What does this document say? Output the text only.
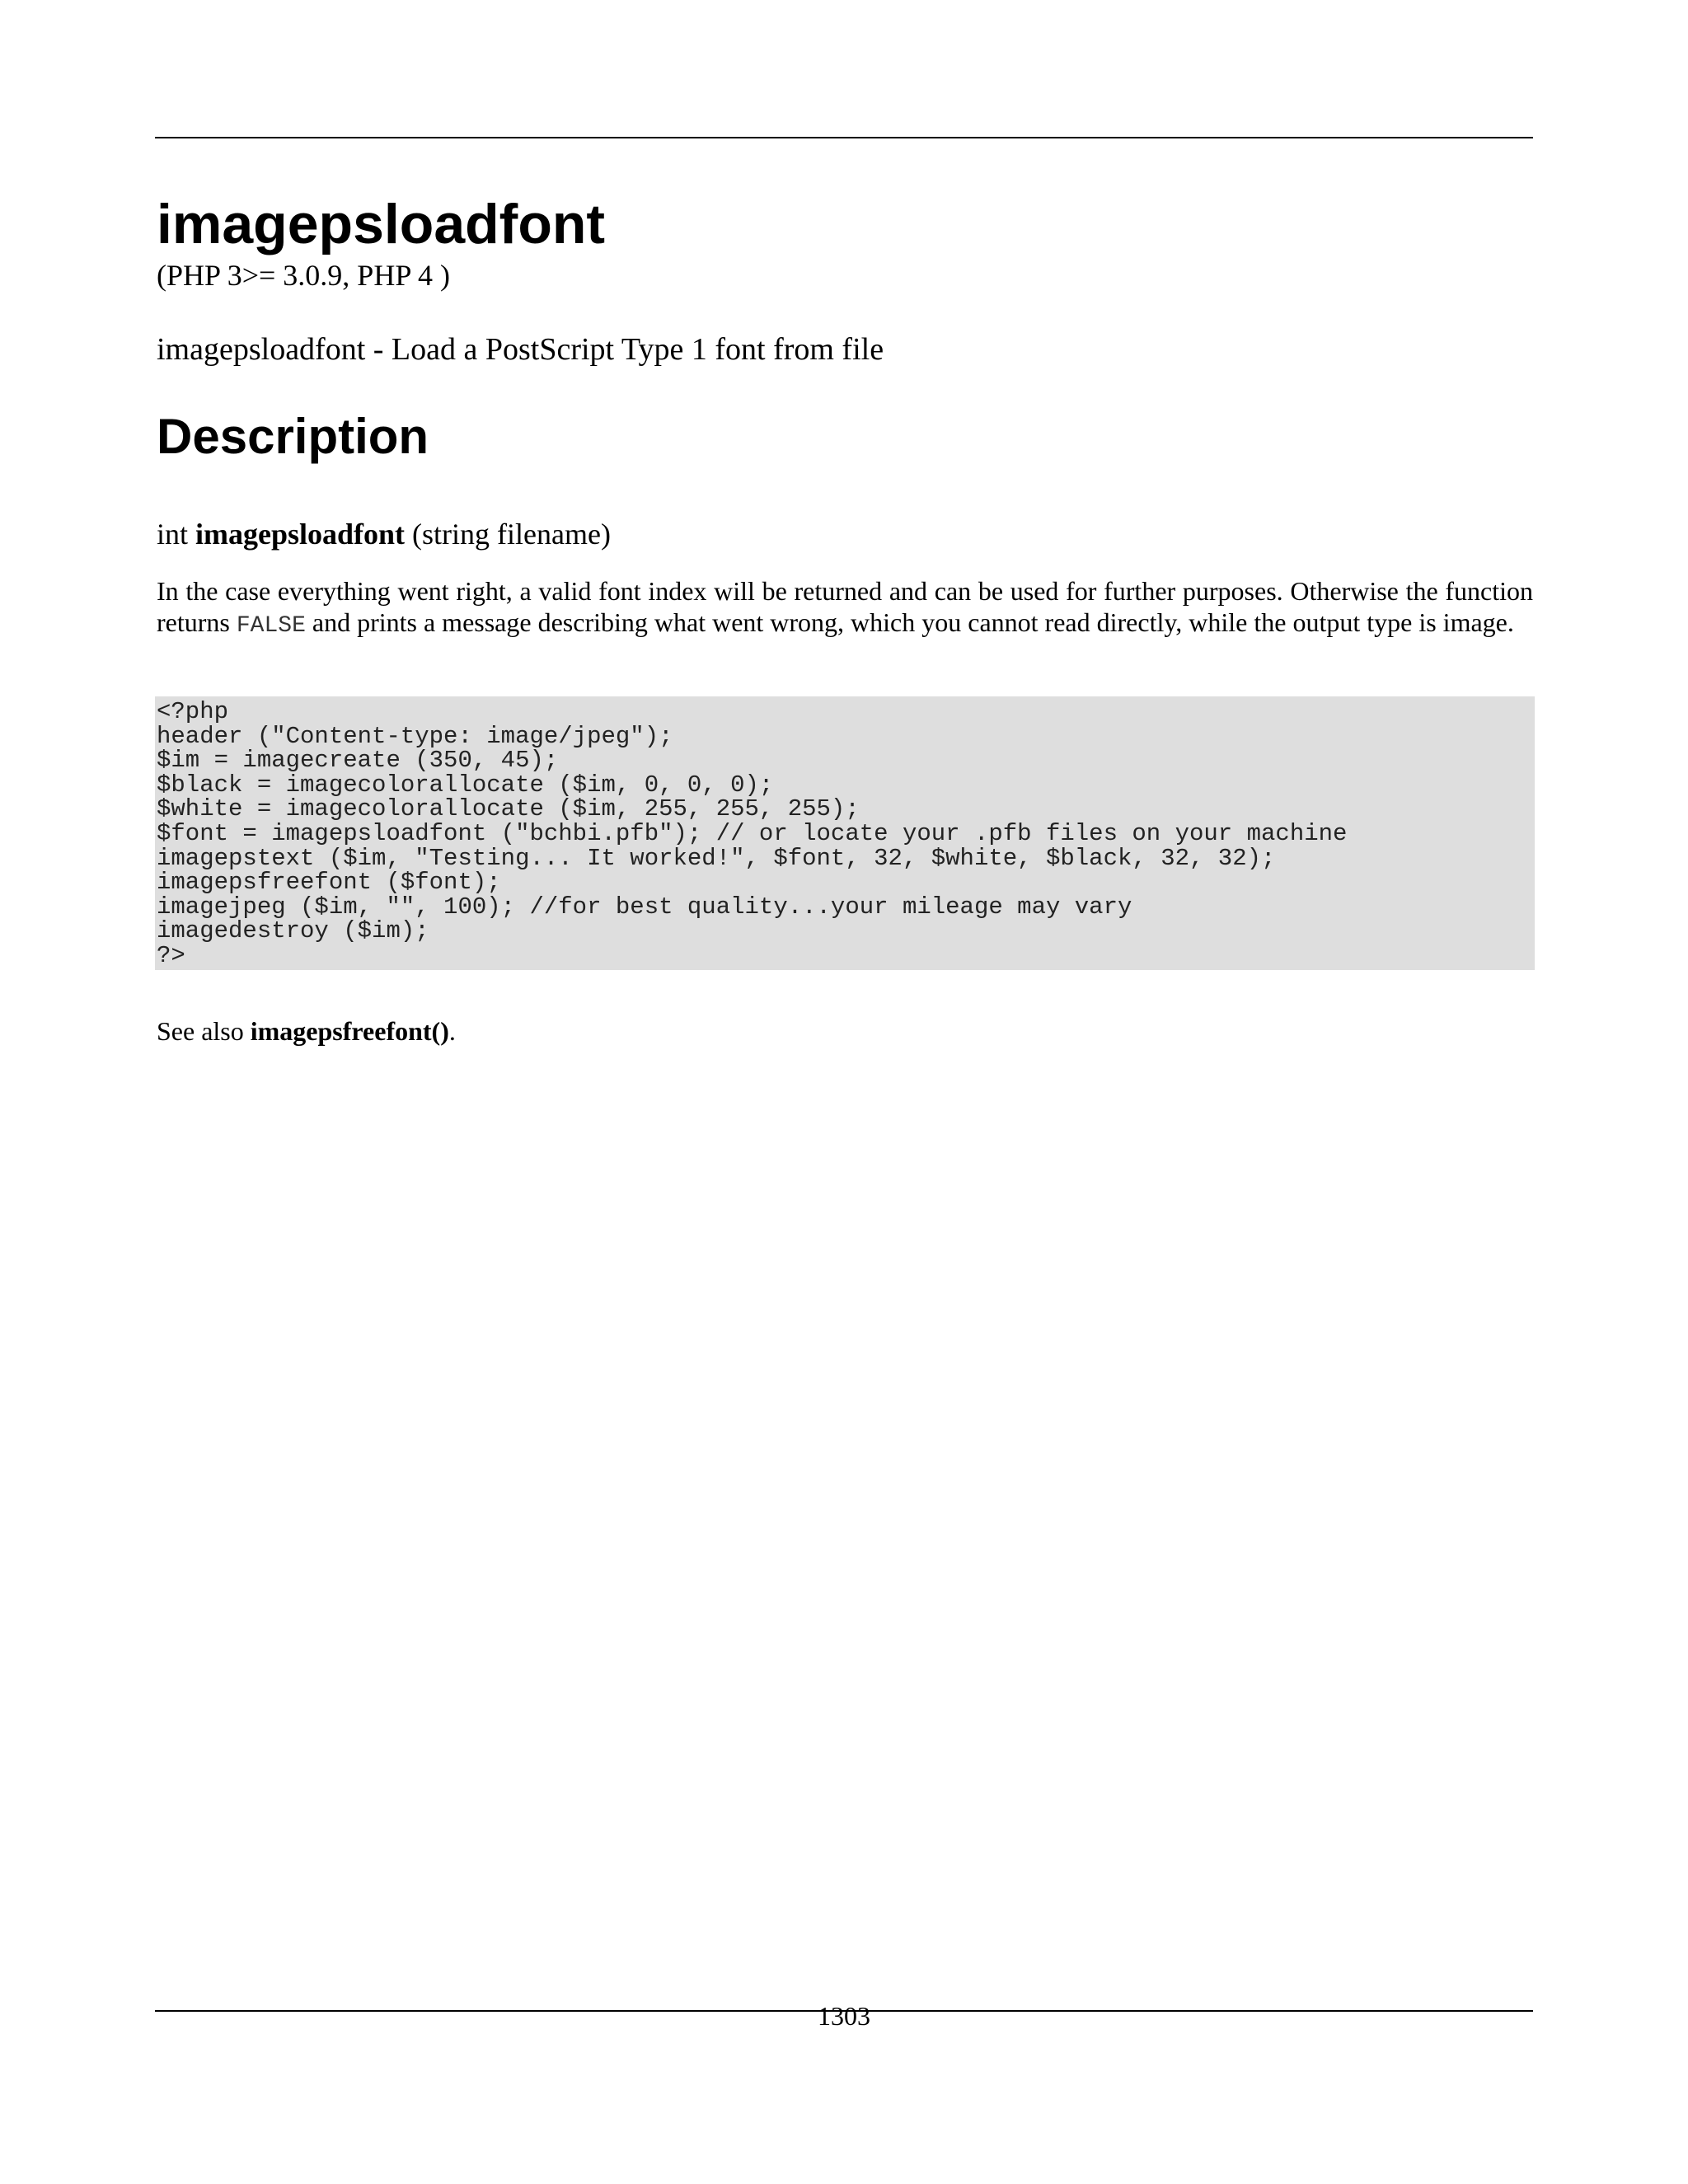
imagepsloadfont

(PHP 3>= 3.0.9, PHP 4 )

imagepsloadfont - Load a PostScript Type 1 font from file

Description

int imagepsloadfont (string filename)

In the case everything went right, a valid font index will be returned and can be used for further purposes. Otherwise the function returns FALSE and prints a message describing what went wrong, which you cannot read directly, while the output type is image.

<?php
header ("Content-type: image/jpeg");
$im = imagecreate (350, 45);
$black = imagecolorallocate ($im, 0, 0, 0);
$white = imagecolorallocate ($im, 255, 255, 255);
$font = imagepsloadfont ("bchbi.pfb"); // or locate your .pfb files on your machine
imagepstext ($im, "Testing... It worked!", $font, 32, $white, $black, 32, 32);
imagepsfreefont ($font);
imagejpeg ($im, "", 100); //for best quality...your mileage may vary
imagedestroy ($im);
?>

See also imagepsfreefont().

1303
